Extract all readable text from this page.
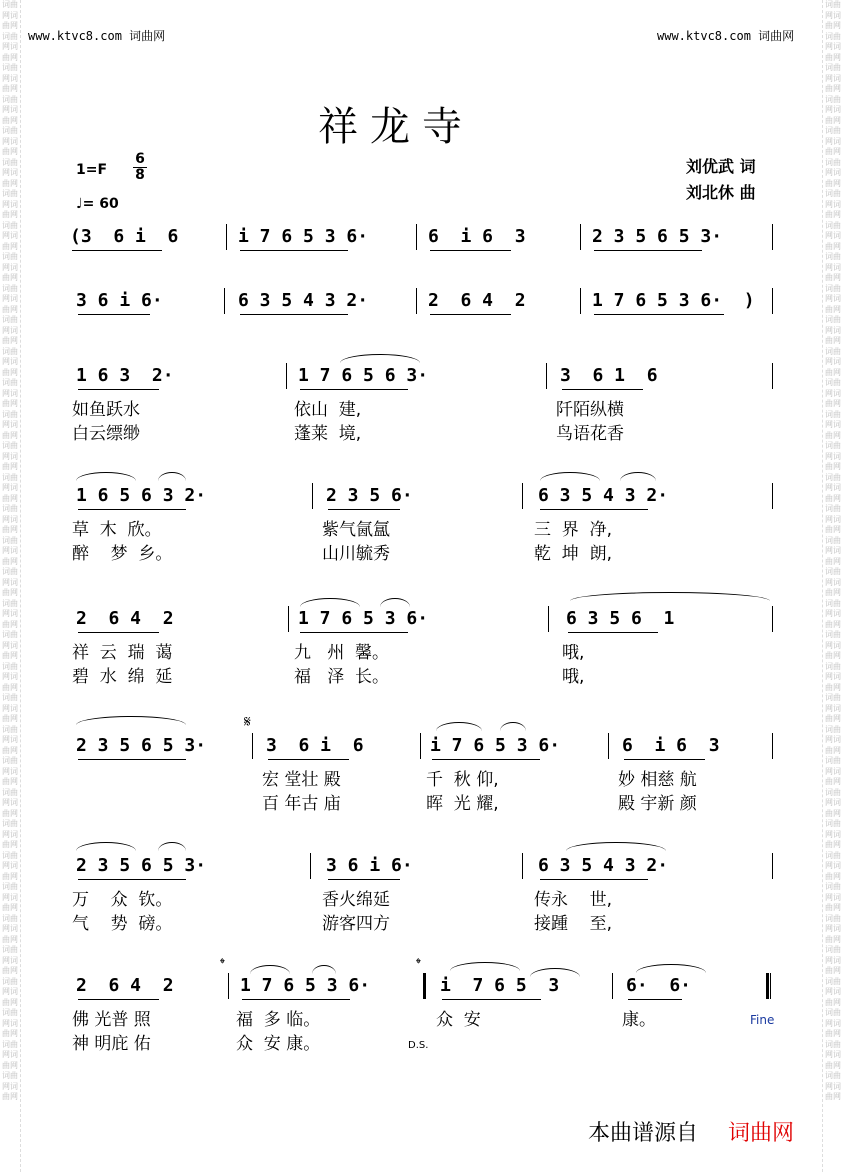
词曲网词曲网词曲网词曲网词曲网词曲网词曲网词曲网词曲网词曲网词曲网词曲网词曲网词曲网词曲网词曲网词曲网词曲网词曲网词曲网词曲网词曲网词曲网词曲网词曲网词曲网词曲网词曲网词曲网词曲网词曲网词曲网词曲网词曲网词曲网词曲网词曲网词曲网词曲网词曲网词曲网词曲网词曲网词曲网词曲网词曲网词曲网词曲网词曲网词曲网词曲网词曲网词曲网词曲网词曲网词曲网词曲网词曲网词曲网词曲网词曲网词曲网词曲网词曲网词曲网词曲网词曲网词曲网词曲网词曲网
词曲网词曲网词曲网词曲网词曲网词曲网词曲网词曲网词曲网词曲网词曲网词曲网词曲网词曲网词曲网词曲网词曲网词曲网词曲网词曲网词曲网词曲网词曲网词曲网词曲网词曲网词曲网词曲网词曲网词曲网词曲网词曲网词曲网词曲网词曲网词曲网词曲网词曲网词曲网词曲网词曲网词曲网词曲网词曲网词曲网词曲网词曲网词曲网词曲网词曲网词曲网词曲网词曲网词曲网词曲网词曲网词曲网词曲网词曲网词曲网词曲网词曲网词曲网词曲网词曲网词曲网词曲网词曲网词曲网词曲网
www.ktvc8.com 词曲网	www.ktvc8.com 词曲网
祥龙寺
刘优武 词
刘北休 曲
1=F
6
8
♩= 60
(3  6 i  6	i 7 6 5 3 6·	6  i 6  3	2 3 5 6 5 3·
3 6 i 6·	6 3 5 4 3 2·	2  6 4  2	1 7 6 5 3 6·  )
1 6 3  2·	1 7 6 5 6 3·	3  6 1  6
如鱼跃水	依山  建,	阡陌纵横
白云缥缈	蓬莱  境,	鸟语花香
1 6 5 6 3 2·	2 3 5 6·	6 3 5 4 3 2·
草  木  欣。	紫气氤氲	三  界  净,
醉    梦  乡。	山川毓秀	乾  坤  朗,
2  6 4  2	1 7 6 5 3 6·	6 3 5 6  1
祥  云  瑞  蔼	九   州  馨。	哦,
碧  水  绵  延	福   泽  长。	哦,
2 3 5 6 5 3·	3  6 i  6	i 7 6 5 3 6·	6  i 6  3
宏 堂壮 殿	千  秋 仰,	妙 相慈 航
百 年古 庙	晖  光 耀,	殿 宇新 颜
2 3 5 6 5 3·	3 6 i 6·	6 3 5 4 3 2·
万    众  钦。	香火绵延	传永    世,
气    势  磅。	游客四方	接踵    至,
2  6 4  2	1 7 6 5 3 6·	i  7 6 5  3	6·  6·
佛 光普 照	福  多 临。	众  安	康。
神 明庇 佑	众  安 康。
𝄋
𝄌	𝄌
Fine
D.S.
本曲谱源自 词曲网
